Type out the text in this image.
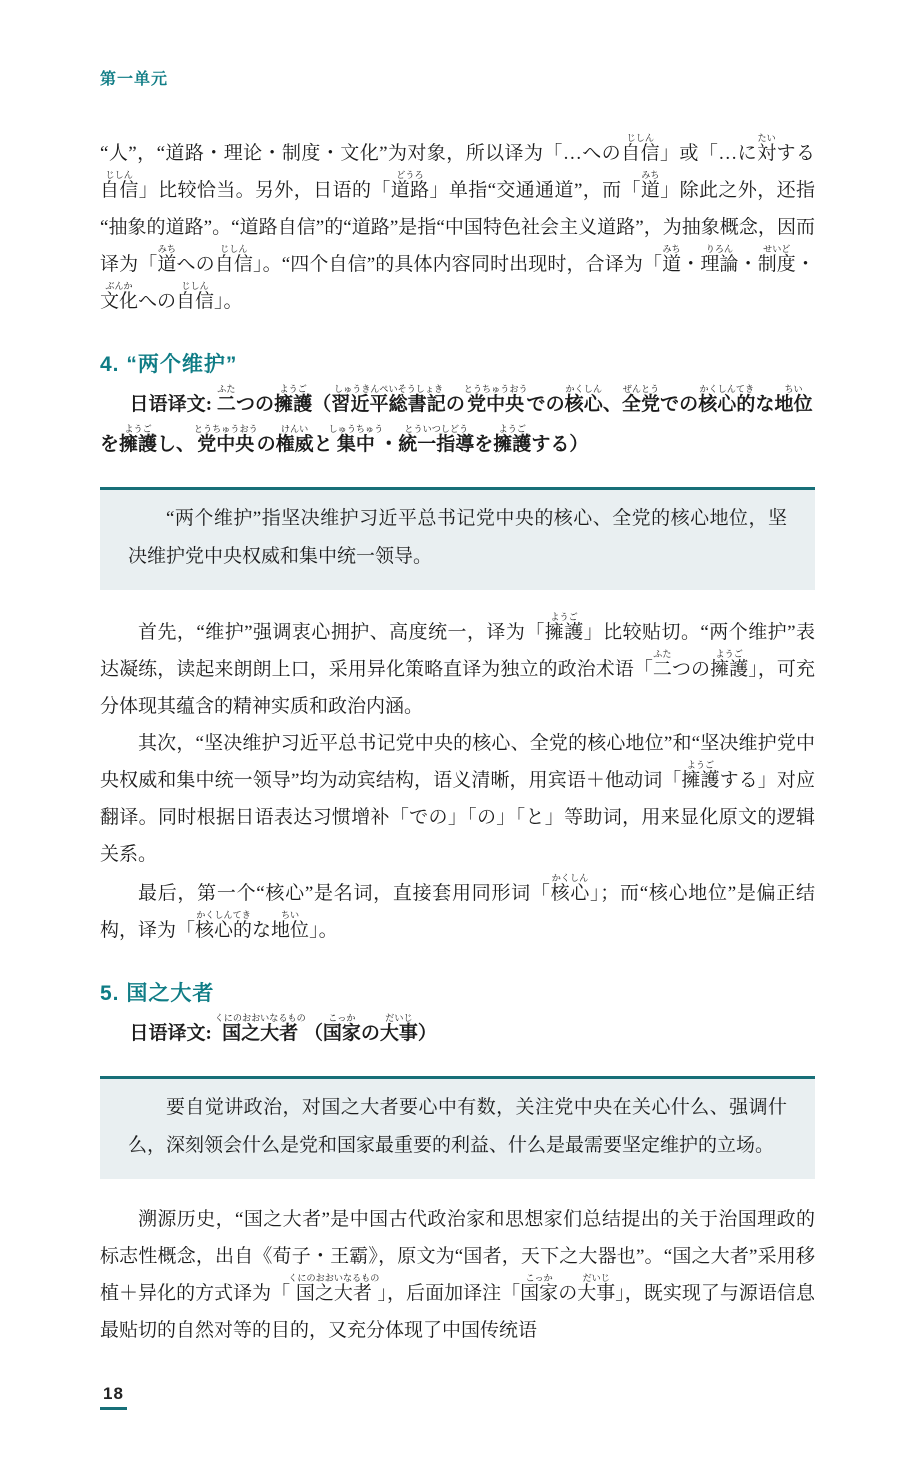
第一单元

“人”，“道路・理论・制度・文化”为对象，所以译为「…への自信じしん」或「…に対たいする自信じしん」比较恰当。另外，日语的「道路どうろ」单指“交通通道”，而「道みち」除此之外，还指“抽象的道路”。“道路自信”的“道路”是指“中国特色社会主义道路”，为抽象概念，因而译为「道みちへの自信じしん」。“四个自信”的具体内容同时出现时，合译为「道みち・理論りろん・制度せいど・文化ぶんかへの自信じしん」。

4. “两个维护”

日语译文: 二ふたつの擁護ようご（習近平総書記しゅうきんぺいそうしょきの党中央とうちゅうおうでの核心かくしん、全党ぜんとうでの核心的かくしんてきな地位ちいを擁護ようごし、党中央とうちゅうおうの権威けんいと集中しゅうちゅう・統一指導とういつしどうを擁護ようごする）

“两个维护”指坚决维护习近平总书记党中央的核心、全党的核心地位，坚决维护党中央权威和集中统一领导。

首先，“维护”强调衷心拥护、高度统一，译为「擁護ようご」比较贴切。“两个维护”表达凝练，读起来朗朗上口，采用异化策略直译为独立的政治术语「二ふたつの擁護ようご」，可充分体现其蕴含的精神实质和政治内涵。

其次，“坚决维护习近平总书记党中央的核心、全党的核心地位”和“坚决维护党中央权威和集中统一领导”均为动宾结构，语义清晰，用宾语＋他动词「擁護ようごする」对应翻译。同时根据日语表达习惯增补「での」「の」「と」等助词，用来显化原文的逻辑关系。

最后，第一个“核心”是名词，直接套用同形词「核心かくしん」；而“核心地位”是偏正结构，译为「核心的かくしんてきな地位ちい」。

5. 国之大者

日语译文: 国之大者くにのおおいなるもの（国家こっかの大事だいじ）

要自觉讲政治，对国之大者要心中有数，关注党中央在关心什么、强调什么，深刻领会什么是党和国家最重要的利益、什么是最需要坚定维护的立场。

溯源历史，“国之大者”是中国古代政治家和思想家们总结提出的关于治国理政的标志性概念，出自《荀子・王霸》，原文为“国者，天下之大器也”。“国之大者”采用移植＋异化的方式译为「国之大者くにのおおいなるもの」，后面加译注「国家こっかの大事だいじ」，既实现了与源语信息最贴切的自然对等的目的，又充分体现了中国传统语

18
